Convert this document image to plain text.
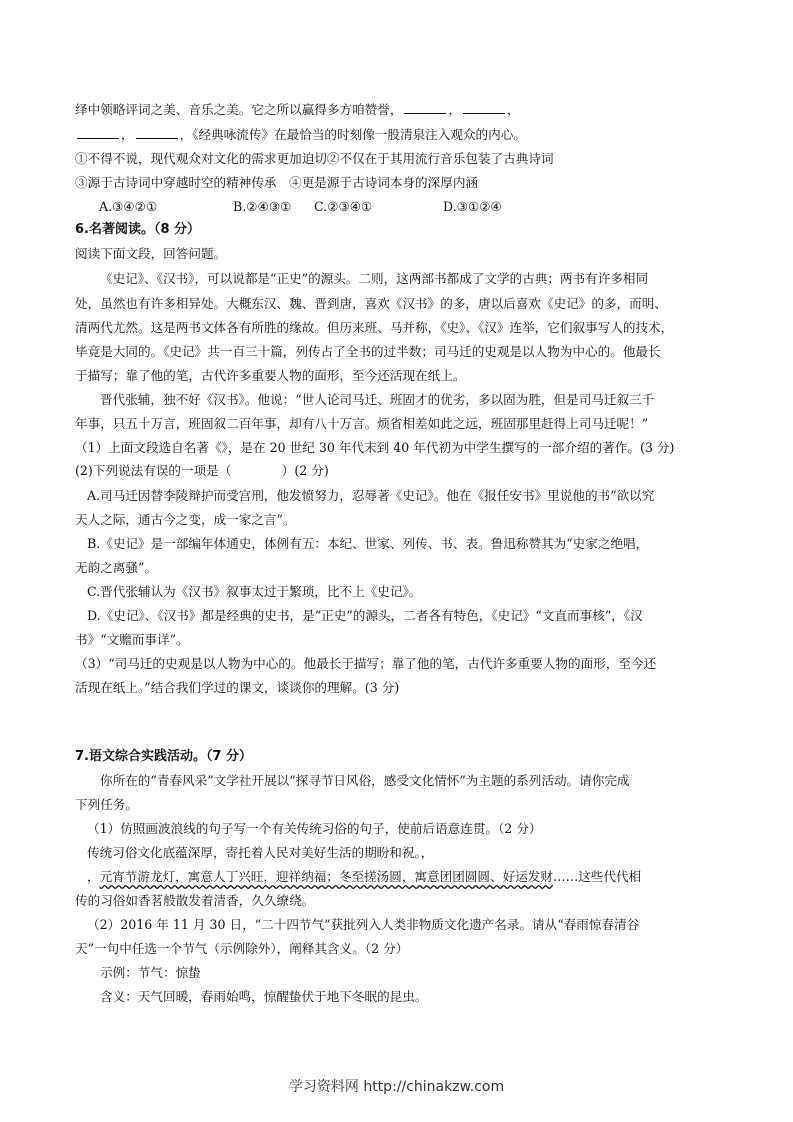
绎中领略评词之美、音乐之美。它之所以赢得多方咱赞誉，	，	，
，	，《经典咏流传》在最恰当的时刻像一股清泉注入观众的内心。
①不得不说，现代观众对文化的需求更加迫切②不仅在于其用流行音乐包装了古典诗词
③源于古诗词中穿越时空的精神传承　④更是源于古诗词本身的深厚内涵
A.③④②①	B.②④③① C.②③④①	D.③①②④
6.名著阅读。（8 分）
阅读下面文段，回答问题。
《史记》、《汉书》，可以说都是“正史”的源头。二则，这两部书都成了文学的古典；两书有许多相同
处，虽然也有许多相异处。大概东汉、魏、晋到唐，喜欢《汉书》的多，唐以后喜欢《史记》的多，而明、
清两代尤然。这是两书文体各有所胜的缘故。但历来班、马并称，《史》、《汉》连举，它们叙事写人的技术，
毕竟是大同的。《史记》共一百三十篇，列传占了全书的过半数；司马迁的史观是以人物为中心的。他最长
于描写；靠了他的笔，古代许多重要人物的面形，至今还活现在纸上。
晋代张辅，独不好《汉书》。他说：“世人论司马迁、班固才的优劣，多以固为胜，但是司马迁叙三千
年事，只五十万言，班固叙二百年事，却有八十万言。烦省相差如此之远，班固那里赶得上司马迁呢！”
（1）上面文段选自名著《》，是在 20 世纪 30 年代末到 40 年代初为中学生撰写的一部介绍的著作。(3 分)
(2)下列说法有误的一项是（　　　　）(2 分)
A.司马迁因替李陵辩护而受宫刑，他发愤努力，忍辱著《史记》。他在《报任安书》里说他的书“欲以究
天人之际，通古今之变，成一家之言”。
B.《史记》是一部编年体通史，体例有五：本纪、世家、列传、书、表。鲁迅称赞其为“史家之绝唱，
无韵之离骚”。
C.晋代张辅认为《汉书》叙事太过于繁琐，比不上《史记》。
D.《史记》、《汉书》都是经典的史书，是“正史”的源头，二者各有特色，《史记》“文直而事核”，《汉
书》“文赡而事详”。
（3）“司马迁的史观是以人物为中心的。他最长于描写；靠了他的笔，古代许多重要人物的面形，至今还
活现在纸上。”结合我们学过的课文，谈谈你的理解。(3 分)
7.语文综合实践活动。（7 分）
你所在的“青春风采”文学社开展以“探寻节日风俗，感受文化情怀”为主题的系列活动。请你完成
下列任务。
（1）仿照画波浪线的句子写一个有关传统习俗的句子，使前后语意连贯。（2 分）
传统习俗文化底蕴深厚，寄托着人民对美好生活的期盼和祝。，
，元宵节游龙灯，寓意人丁兴旺，迎祥纳福；冬至搓汤圆，寓意团团圆圆、好运发财……这些代代相
传的习俗如香茗般散发着清香，久久缭绕。
（2）2016 年 11 月 30 日，“二十四节气”获批列入人类非物质文化遗产名录。请从“春雨惊春清谷
天”一句中任选一个节气（示例除外），阐释其含义。（2 分）
示例：节气：惊蛰
含义：天气回暖，春雨始鸣，惊醒蛰伏于地下冬眠的昆虫。
学习资料网 http://chinakzw.com
